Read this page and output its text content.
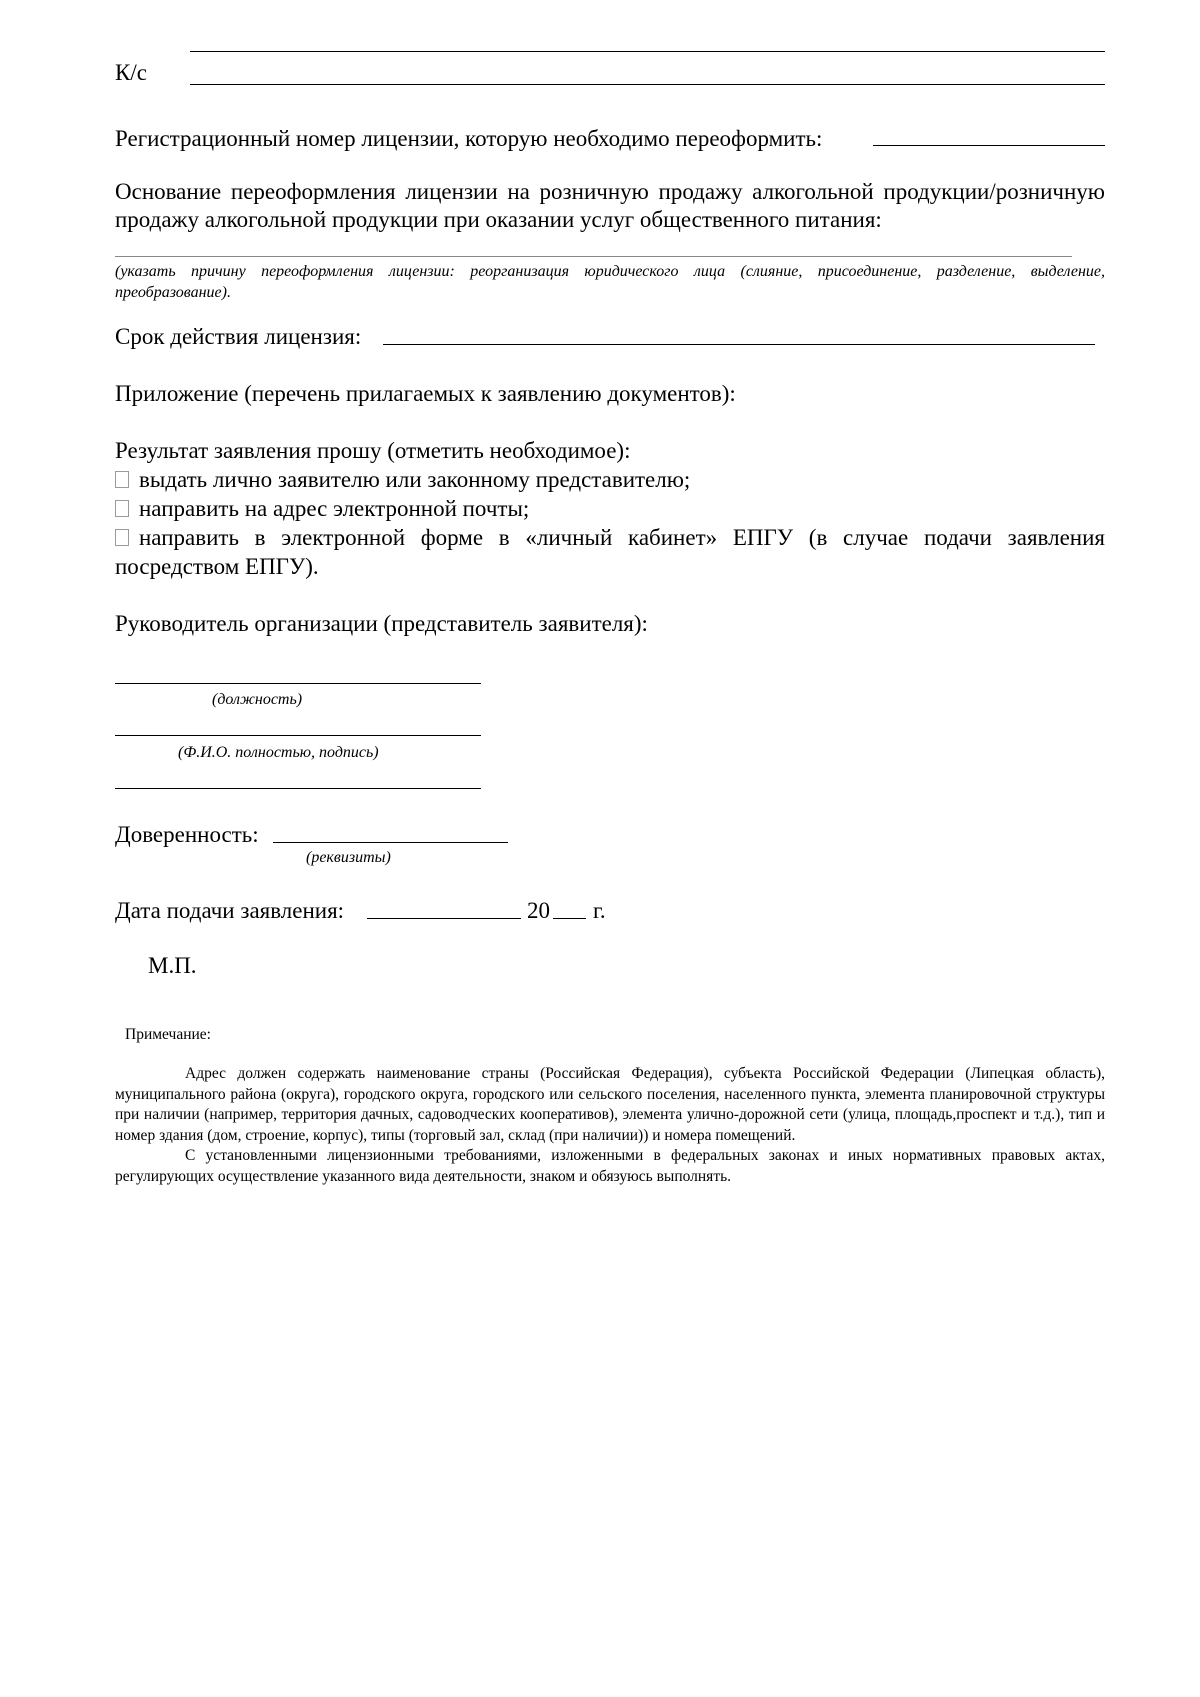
К/с
Регистрационный номер лицензии, которую необходимо переоформить:
Основание переоформления лицензии на розничную продажу алкогольной продукции/розничную
продажу алкогольной продукции при оказании услуг общественного питания:
(указать причину переоформления лицензии: реорганизация юридического лица (слияние, присоединение, разделение, выделение,
преобразование).
Срок действия лицензия:
Приложение (перечень прилагаемых к заявлению документов):
Результат заявления прошу (отметить необходимое):
выдать лично заявителю или законному представителю;
направить на адрес электронной почты;
направить в электронной форме в «личный кабинет» ЕПГУ (в случае подачи заявления
посредством ЕПГУ).
Руководитель организации (представитель заявителя):
(должность)
(Ф.И.О. полностью, подпись)
Доверенность:
(реквизиты)
Дата подачи заявления:	20 г.
М.П.
Примечание:

Адрес должен содержать наименование страны (Российская Федерация), субъекта Российской Федерации (Липецкая область), муниципального района (округа), городского округа, городского или сельского поселения, населенного пункта, элемента планировочной структуры при наличии (например, территория дачных, садоводческих кооперативов), элемента улично-дорожной сети (улица, площадь,проспект и т.д.), тип и номер здания (дом, строение, корпус), типы (торговый зал, склад (при наличии)) и номера помещений.

С установленными лицензионными требованиями, изложенными в федеральных законах и иных нормативных правовых актах, регулирующих осуществление указанного вида деятельности, знаком и обязуюсь выполнять.
